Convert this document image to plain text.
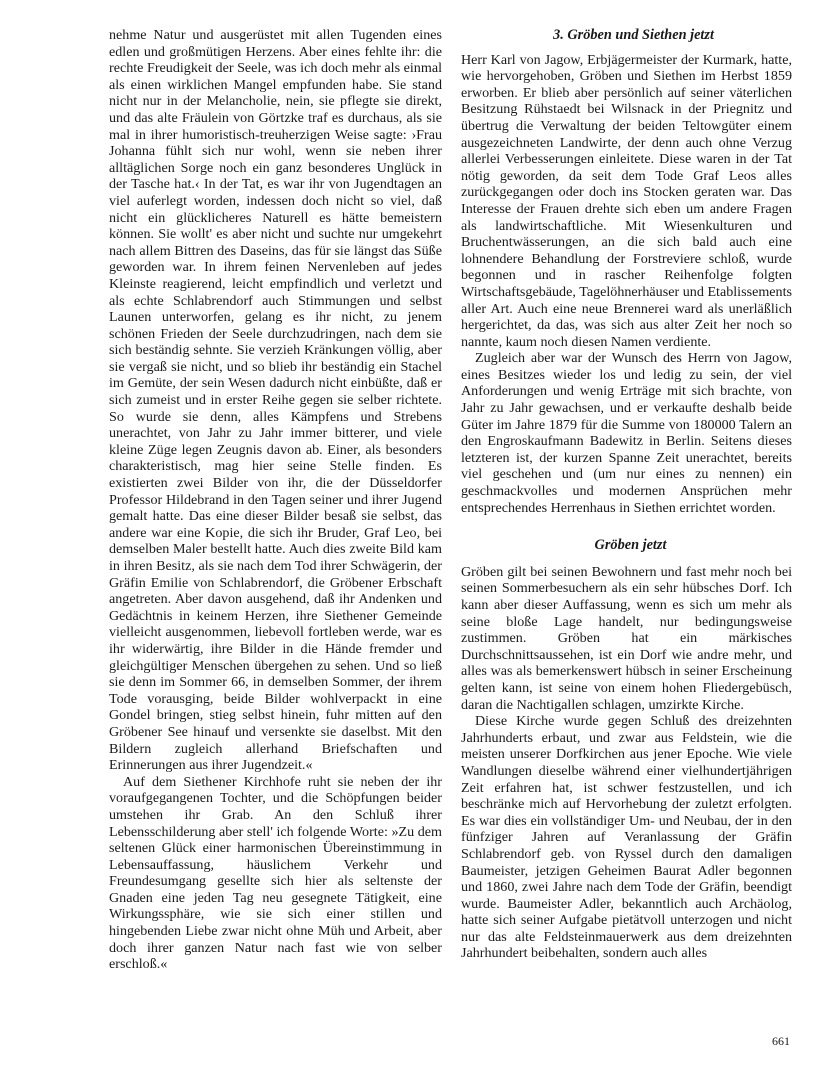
nehme Natur und ausgerüstet mit allen Tugenden eines edlen und großmütigen Herzens. Aber eines fehlte ihr: die rechte Freudigkeit der Seele, was ich doch mehr als einmal als einen wirklichen Mangel empfunden habe. Sie stand nicht nur in der Melancholie, nein, sie pflegte sie direkt, und das alte Fräulein von Görtzke traf es durchaus, als sie mal in ihrer humoristisch-treuherzigen Weise sagte: ›Frau Johanna fühlt sich nur wohl, wenn sie neben ihrer alltäglichen Sorge noch ein ganz besonderes Unglück in der Tasche hat.‹ In der Tat, es war ihr von Jugendtagen an viel auferlegt worden, indessen doch nicht so viel, daß nicht ein glücklicheres Naturell es hätte bemeistern können. Sie wollt' es aber nicht und suchte nur umgekehrt nach allem Bittren des Daseins, das für sie längst das Süße geworden war. In ihrem feinen Nervenleben auf jedes Kleinste reagierend, leicht empfindlich und verletzt und als echte Schlabrendorf auch Stimmungen und selbst Launen unterworfen, gelang es ihr nicht, zu jenem schönen Frieden der Seele durchzudringen, nach dem sie sich beständig sehnte. Sie verzieh Kränkungen völlig, aber sie vergaß sie nicht, und so blieb ihr beständig ein Stachel im Gemüte, der sein Wesen dadurch nicht einbüßte, daß er sich zumeist und in erster Reihe gegen sie selber richtete. So wurde sie denn, alles Kämpfens und Strebens unerachtet, von Jahr zu Jahr immer bitterer, und viele kleine Züge legen Zeugnis davon ab. Einer, als besonders charakteristisch, mag hier seine Stelle finden. Es existierten zwei Bilder von ihr, die der Düsseldorfer Professor Hildebrand in den Tagen seiner und ihrer Jugend gemalt hatte. Das eine dieser Bilder besaß sie selbst, das andere war eine Kopie, die sich ihr Bruder, Graf Leo, bei demselben Maler bestellt hatte. Auch dies zweite Bild kam in ihren Besitz, als sie nach dem Tod ihrer Schwägerin, der Gräfin Emilie von Schlabrendorf, die Gröbener Erbschaft angetreten. Aber davon ausgehend, daß ihr Andenken und Gedächtnis in keinem Herzen, ihre Siethener Gemeinde vielleicht ausgenommen, liebevoll fortleben werde, war es ihr widerwärtig, ihre Bilder in die Hände fremder und gleichgültiger Menschen übergehen zu sehen. Und so ließ sie denn im Sommer 66, in demselben Sommer, der ihrem Tode vorausging, beide Bilder wohlverpackt in eine Gondel bringen, stieg selbst hinein, fuhr mitten auf den Gröbener See hinauf und versenkte sie daselbst. Mit den Bildern zugleich allerhand Briefschaften und Erinnerungen aus ihrer Jugendzeit.«

Auf dem Siethener Kirchhofe ruht sie neben der ihr voraufgegangenen Tochter, und die Schöpfungen beider umstehen ihr Grab. An den Schluß ihrer Lebensschilderung aber stell' ich folgende Worte: »Zu dem seltenen Glück einer harmonischen Übereinstimmung in Lebensauffassung, häuslichem Verkehr und Freundesumgang gesellte sich hier als seltenste der Gnaden eine jeden Tag neu gesegnete Tätigkeit, eine Wirkungssphäre, wie sie sich einer stillen und hingebenden Liebe zwar nicht ohne Müh und Arbeit, aber doch ihrer ganzen Natur nach fast wie von selber erschloß.«

3. Gröben und Siethen jetzt

Herr Karl von Jagow, Erbjägermeister der Kurmark, hatte, wie hervorgehoben, Gröben und Siethen im Herbst 1859 erworben. Er blieb aber persönlich auf seiner väterlichen Besitzung Rühstaedt bei Wilsnack in der Priegnitz und übertrug die Verwaltung der beiden Teltowgüter einem ausgezeichneten Landwirte, der denn auch ohne Verzug allerlei Verbesserungen einleitete. Diese waren in der Tat nötig geworden, da seit dem Tode Graf Leos alles zurückgegangen oder doch ins Stocken geraten war. Das Interesse der Frauen drehte sich eben um andere Fragen als landwirtschaftliche. Mit Wiesenkulturen und Bruchentwässerungen, an die sich bald auch eine lohnendere Behandlung der Forstreviere schloß, wurde begonnen und in rascher Reihenfolge folgten Wirtschaftsgebäude, Tagelöhnerhäuser und Etablissements aller Art. Auch eine neue Brennerei ward als unerläßlich hergerichtet, da das, was sich aus alter Zeit her noch so nannte, kaum noch diesen Namen verdiente.

Zugleich aber war der Wunsch des Herrn von Jagow, eines Besitzes wieder los und ledig zu sein, der viel Anforderungen und wenig Erträge mit sich brachte, von Jahr zu Jahr gewachsen, und er verkaufte deshalb beide Güter im Jahre 1879 für die Summe von 180000 Talern an den Engroskaufmann Badewitz in Berlin. Seitens dieses letzteren ist, der kurzen Spanne Zeit unerachtet, bereits viel geschehen und (um nur eines zu nennen) ein geschmackvolles und modernen Ansprüchen mehr entsprechendes Herrenhaus in Siethen errichtet worden.

Gröben jetzt

Gröben gilt bei seinen Bewohnern und fast mehr noch bei seinen Sommerbesuchern als ein sehr hübsches Dorf. Ich kann aber dieser Auffassung, wenn es sich um mehr als seine bloße Lage handelt, nur bedingungsweise zustimmen. Gröben hat ein märkisches Durchschnittsaussehen, ist ein Dorf wie andre mehr, und alles was als bemerkenswert hübsch in seiner Erscheinung gelten kann, ist seine von einem hohen Fliedergebüsch, daran die Nachtigallen schlagen, umzirkte Kirche.

Diese Kirche wurde gegen Schluß des dreizehnten Jahrhunderts erbaut, und zwar aus Feldstein, wie die meisten unserer Dorfkirchen aus jener Epoche. Wie viele Wandlungen dieselbe während einer vielhundertjährigen Zeit erfahren hat, ist schwer festzustellen, und ich beschränke mich auf Hervorhebung der zuletzt erfolgten. Es war dies ein vollständiger Um- und Neubau, der in den fünfziger Jahren auf Veranlassung der Gräfin Schlabrendorf geb. von Ryssel durch den damaligen Baumeister, jetzigen Geheimen Baurat Adler begonnen und 1860, zwei Jahre nach dem Tode der Gräfin, beendigt wurde. Baumeister Adler, bekanntlich auch Archäolog, hatte sich seiner Aufgabe pietätvoll unterzogen und nicht nur das alte Feldsteinmauerwerk aus dem dreizehnten Jahrhundert beibehalten, sondern auch alles

661
